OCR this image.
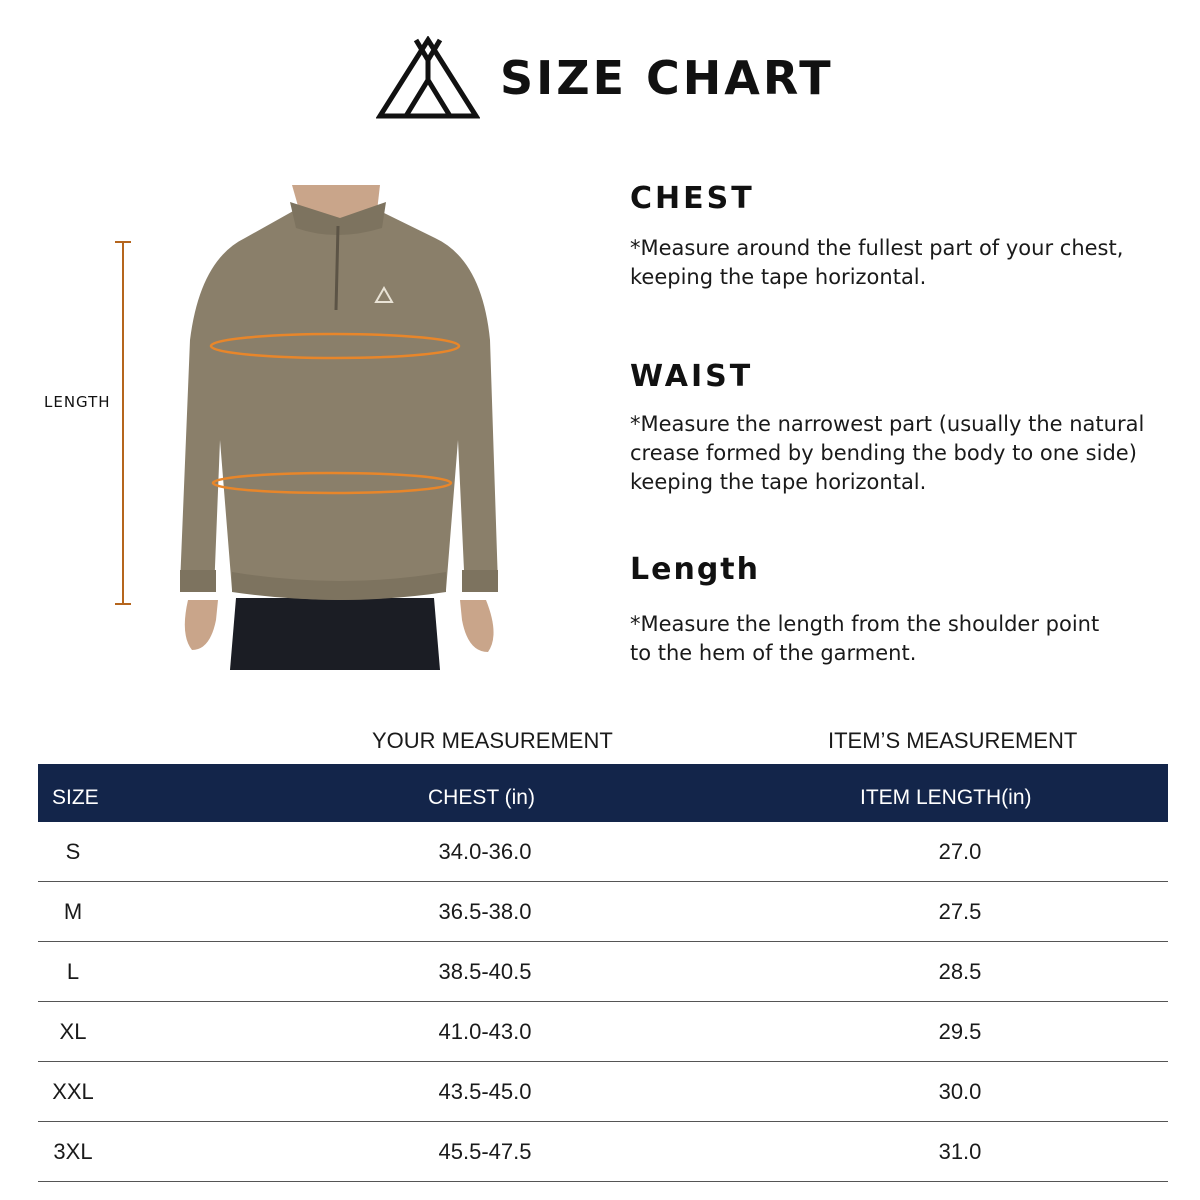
SIZE CHART
LENGTH
CHEST
*Measure around the fullest part of your chest,
keeping the tape horizontal.
WAIST
*Measure the narrowest part (usually the natural
crease formed by bending the body to one side)
keeping the tape horizontal.
Length
*Measure the length from the shoulder point
to the hem of the garment.
YOUR MEASUREMENT	ITEM’S MEASUREMENT
SIZE	CHEST (in)	ITEM LENGTH(in)
S	34.0-36.0	27.0
M	36.5-38.0	27.5
L	38.5-40.5	28.5
XL	41.0-43.0	29.5
XXL	43.5-45.0	30.0
3XL	45.5-47.5	31.0
